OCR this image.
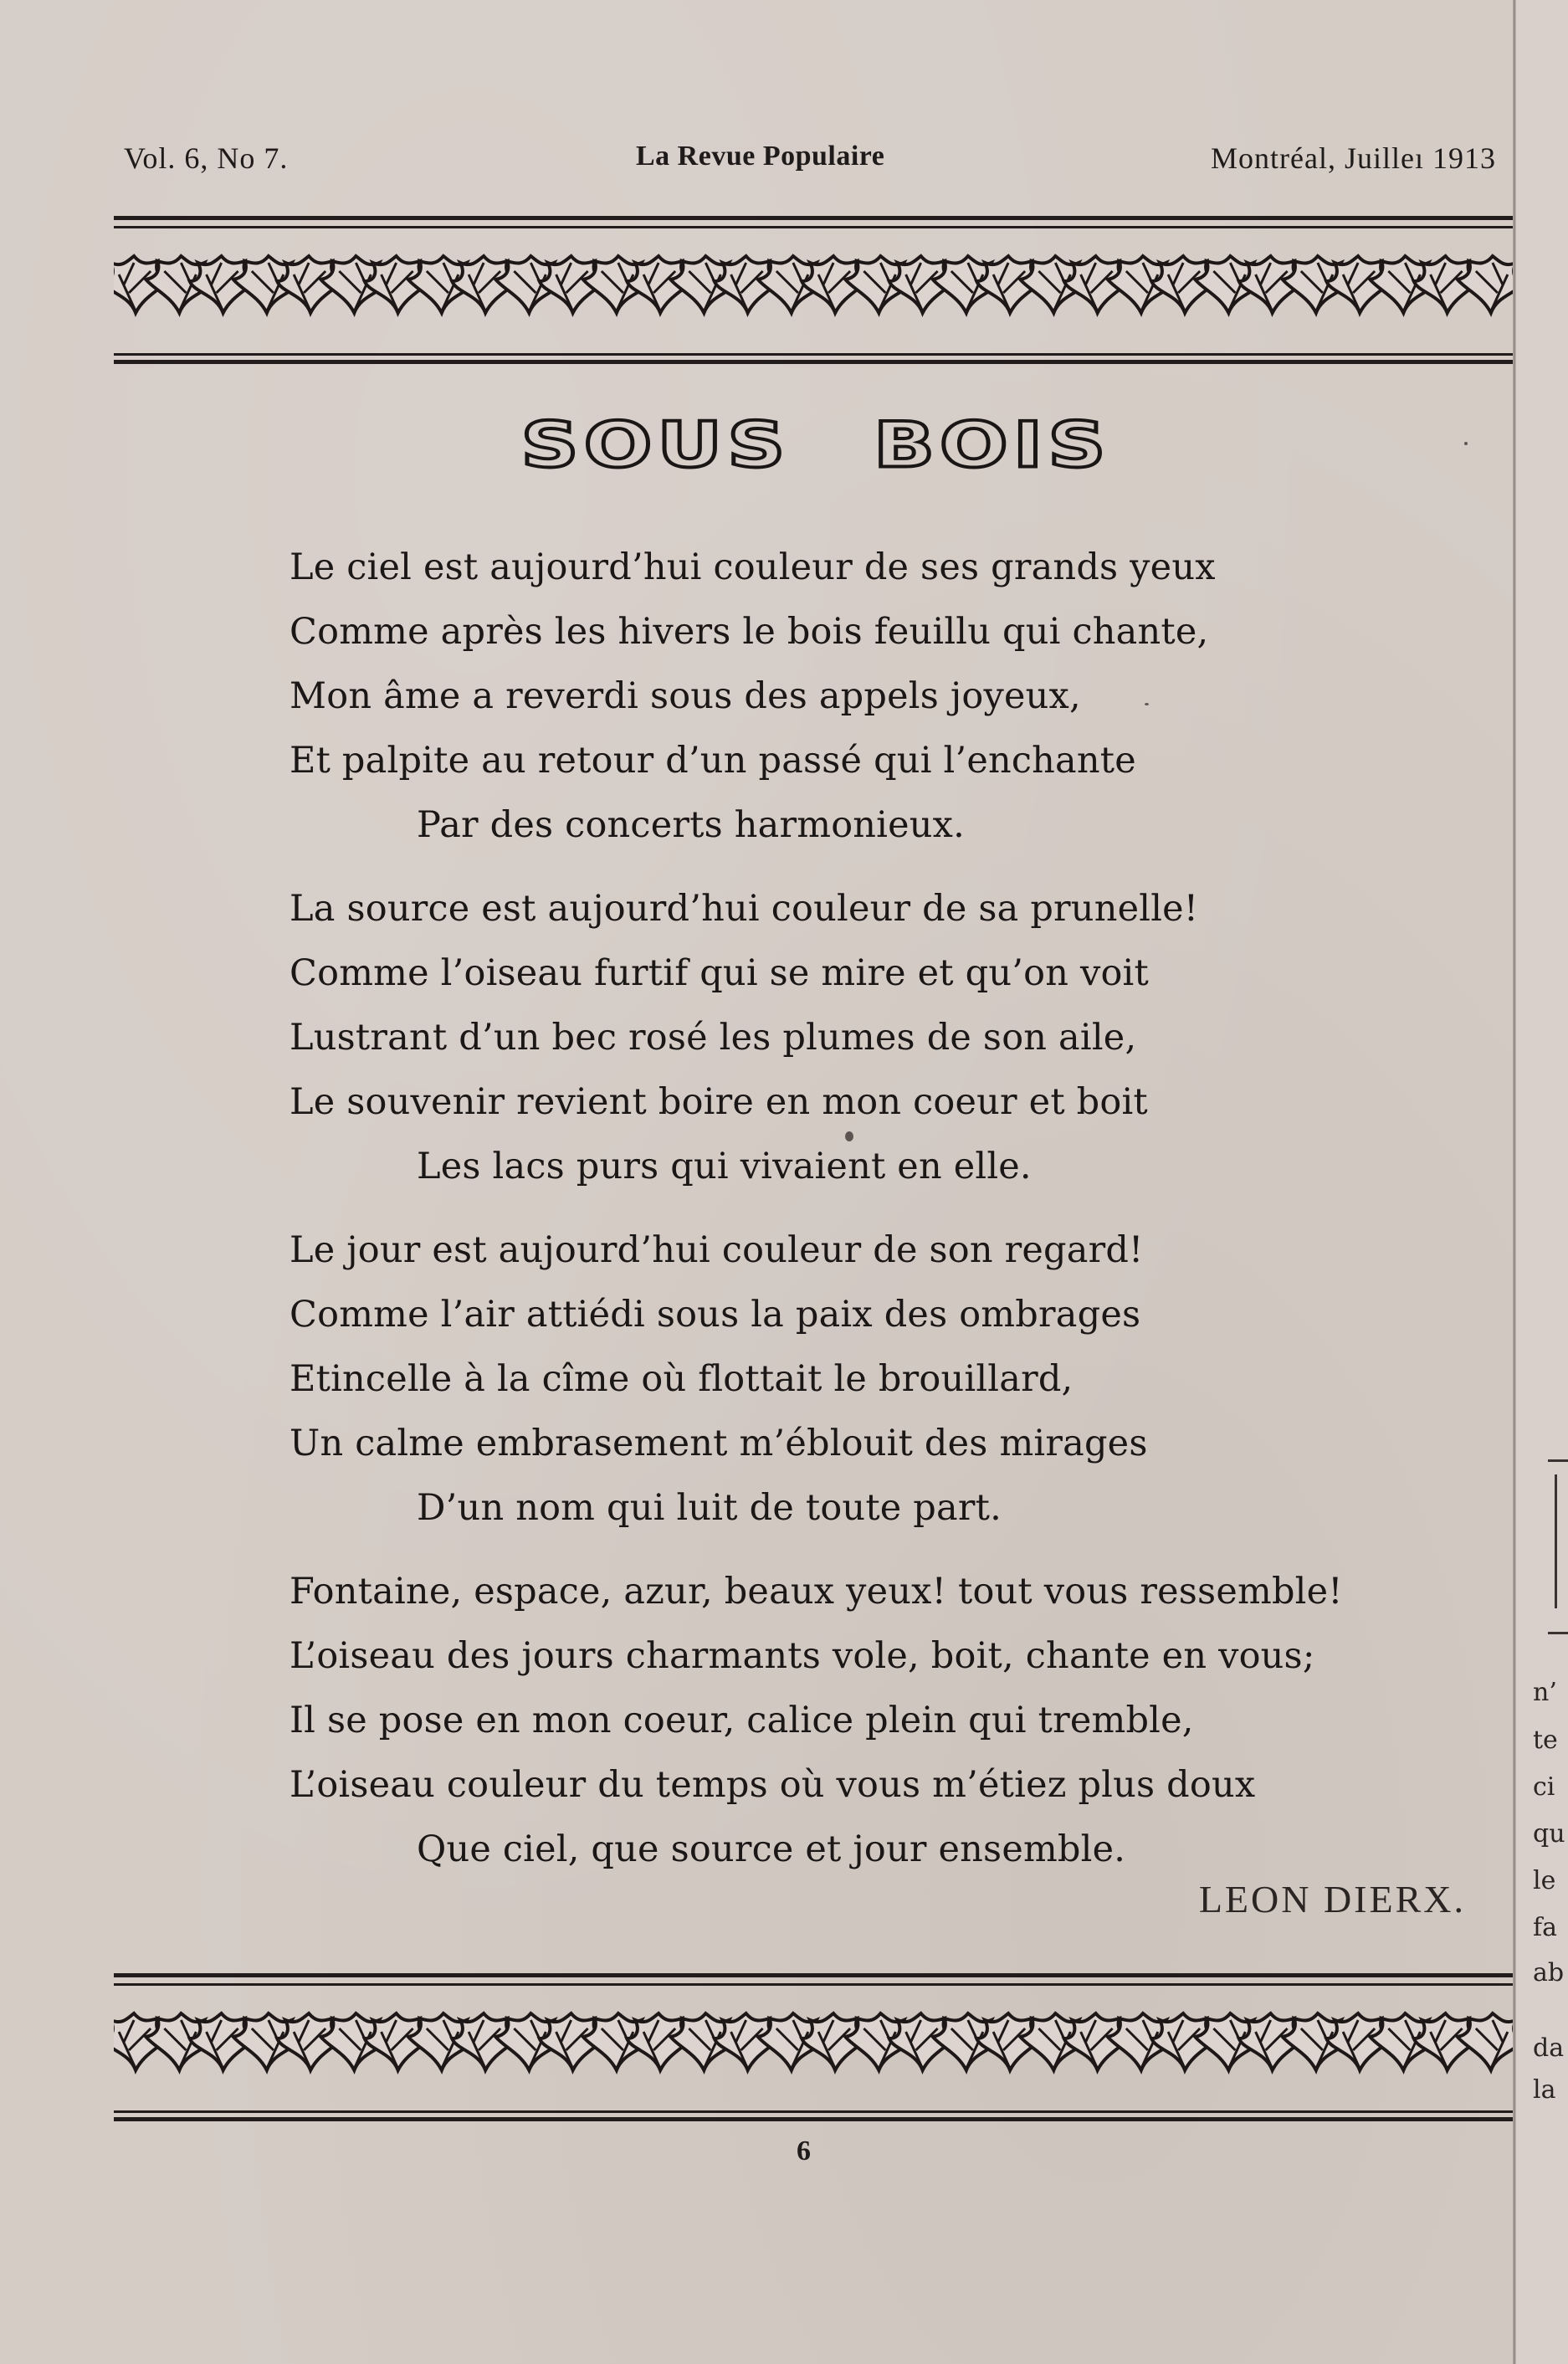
Vol. 6, No 7.	La Revue Populaire	Montréal, Juilleı 1913
SOUS BOIS
Le ciel est aujourd’hui couleur de ses grands yeux
Comme après les hivers le bois feuillu qui chante,
Mon âme a reverdi sous des appels joyeux,
Et palpite au retour d’un passé qui l’enchante
Par des concerts harmonieux.
La source est aujourd’hui couleur de sa prunelle!
Comme l’oiseau furtif qui se mire et qu’on voit
Lustrant d’un bec rosé les plumes de son aile,
Le souvenir revient boire en mon coeur et boit
Les lacs purs qui vivaient en elle.
Le jour est aujourd’hui couleur de son regard!
Comme l’air attiédi sous la paix des ombrages
Etincelle à la cîme où flottait le brouillard,
Un calme embrasement m’éblouit des mirages
D’un nom qui luit de toute part.
Fontaine, espace, azur, beaux yeux! tout vous ressemble!
L’oiseau des jours charmants vole, boit, chante en vous;
Il se pose en mon coeur, calice plein qui tremble,
L’oiseau couleur du temps où vous m’étiez plus doux
Que ciel, que source et jour ensemble.
LEON DIERX.
6
n’
te
ci
qu
le
fa
ab
da
la
